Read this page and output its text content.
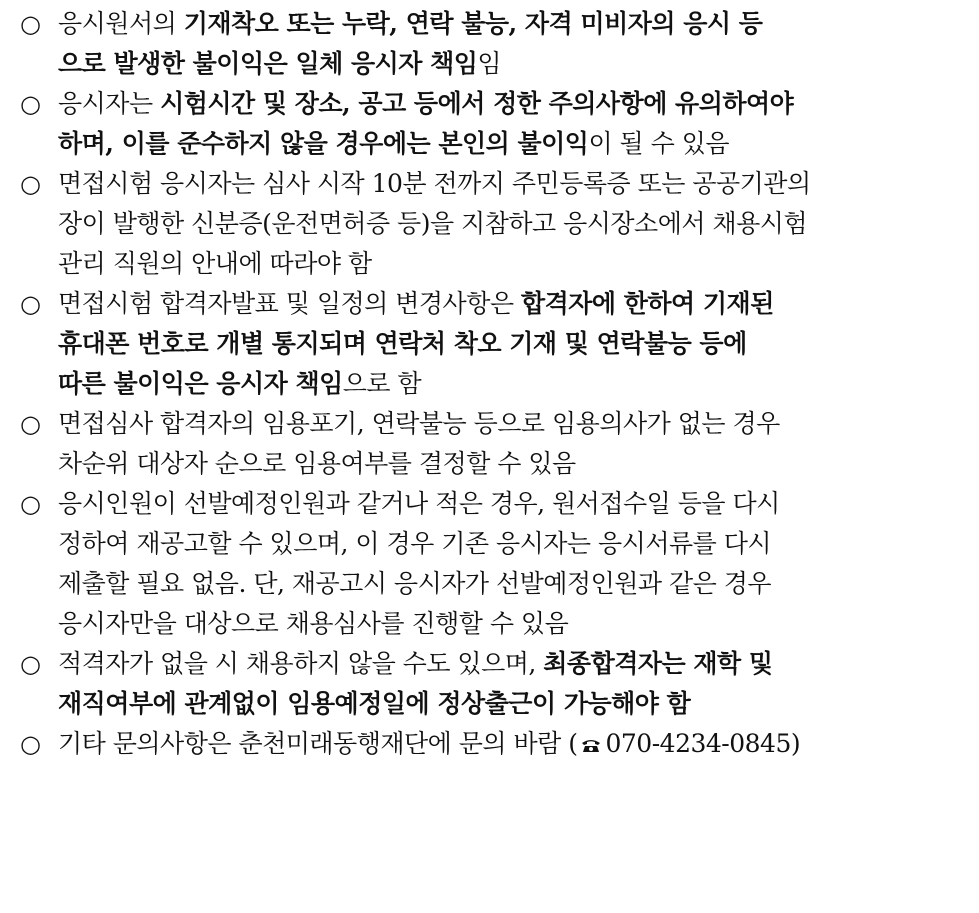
○ 응시원서의 기재착오 또는 누락, 연락 불능, 자격 미비자의 응시 등
으로 발생한 불이익은 일체 응시자 책임임
○ 응시자는 시험시간 및 장소, 공고 등에서 정한 주의사항에 유의하여야
하며, 이를 준수하지 않을 경우에는 본인의 불이익이 될 수 있음
○ 면접시험 응시자는 심사 시작 10분 전까지 주민등록증 또는 공공기관의
장이 발행한 신분증(운전면허증 등)을 지참하고 응시장소에서 채용시험
관리 직원의 안내에 따라야 함
○ 면접시험 합격자발표 및 일정의 변경사항은 합격자에 한하여 기재된
휴대폰 번호로 개별 통지되며 연락처 착오 기재 및 연락불능 등에
따른 불이익은 응시자 책임으로 함
○ 면접심사 합격자의 임용포기, 연락불능 등으로 임용의사가 없는 경우
차순위 대상자 순으로 임용여부를 결정할 수 있음
○ 응시인원이 선발예정인원과 같거나 적은 경우, 원서접수일 등을 다시
정하여 재공고할 수 있으며, 이 경우 기존 응시자는 응시서류를 다시
제출할 필요 없음. 단, 재공고시 응시자가 선발예정인원과 같은 경우
응시자만을 대상으로 채용심사를 진행할 수 있음
○ 적격자가 없을 시 채용하지 않을 수도 있으며, 최종합격자는 재학 및
재직여부에 관계없이 임용예정일에 정상출근이 가능해야 함
○ 기타 문의사항은 춘천미래동행재단에 문의 바람 ( 070-4234-0845)
